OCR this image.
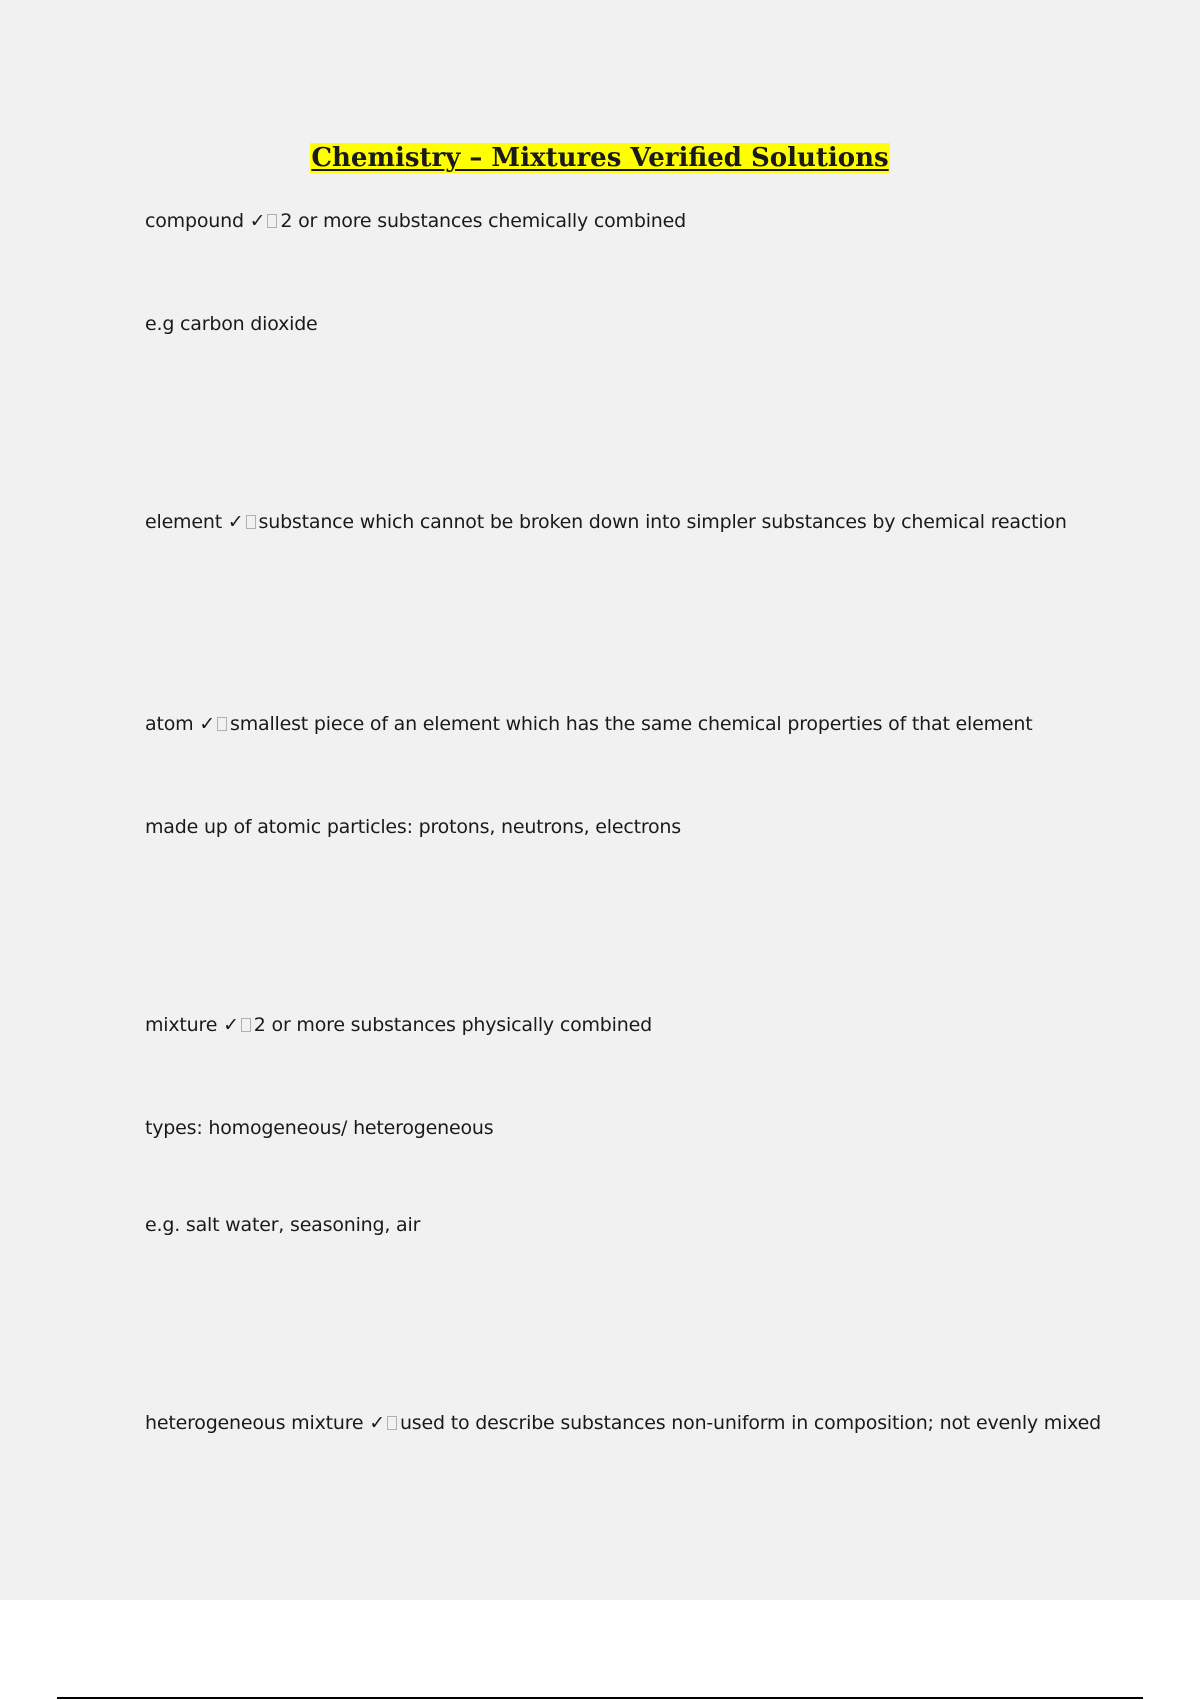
Chemistry – Mixtures Verified Solutions
compound ✓ 2 or more substances chemically combined
e.g carbon dioxide
element ✓ substance which cannot be broken down into simpler substances by chemical reaction
atom ✓ smallest piece of an element which has the same chemical properties of that element
made up of atomic particles: protons, neutrons, electrons
mixture ✓ 2 or more substances physically combined
types: homogeneous/ heterogeneous
e.g. salt water, seasoning, air
heterogeneous mixture ✓ used to describe substances non-uniform in composition; not evenly mixed
